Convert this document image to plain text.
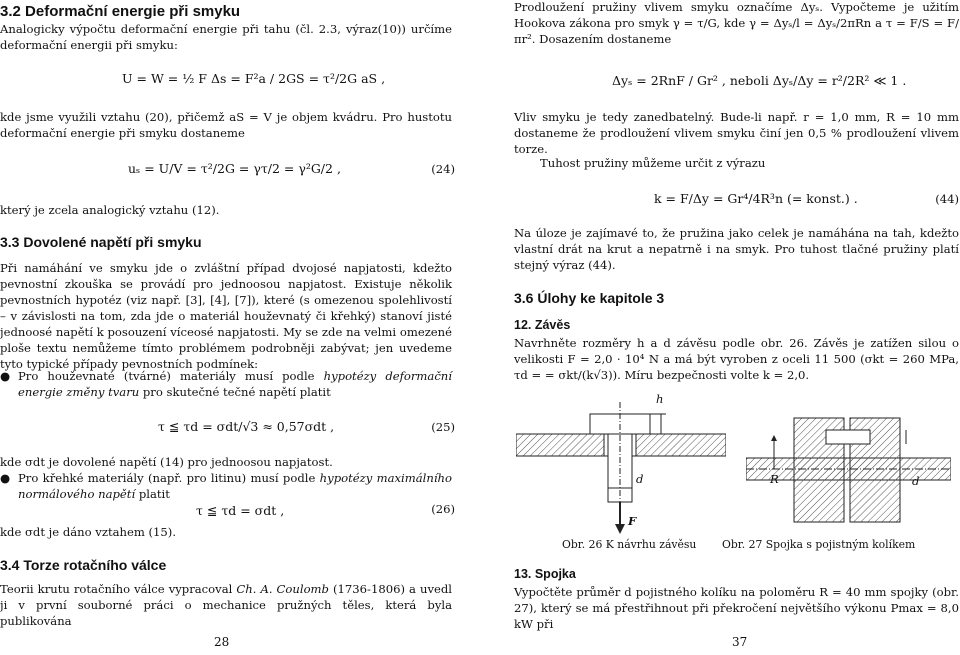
3.2 Deformační energie při smyku

Analogicky výpočtu deformační energie při tahu (čl. 2.3, výraz(10)) určíme deformační energii při smyku:

U = W = ½ F Δs = F²a / 2GS = τ²/2G aS ,

kde jsme využili vztahu (20), přičemž aS = V je objem kvádru. Pro hustotu deformační energie při smyku dostaneme

uₛ = U/V = τ²/2G = γτ/2 = γ²G/2 ,	(24)

který je zcela analogický vztahu (12).

3.3 Dovolené napětí při smyku

Při namáhání ve smyku jde o zvláštní případ dvojosé napjatosti, kdežto pevnostní zkouška se provádí pro jednoosou napjatost. Existuje několik pevnostních hypotéz (viz např. [3], [4], [7]), které (s omezenou spolehlivostí – v závislosti na tom, zda jde o materiál houževnatý či křehký) stanoví jisté jednoosé napětí k posouzení víceosé napjatosti. My se zde na velmi omezené ploše textu nemůžeme tímto problémem podrobněji zabývat; jen uvedeme tyto typické případy pevnostních podmínek:

● Pro houževnaté (tvárné) materiály musí podle hypotézy deformační energie změny tvaru pro skutečné tečné napětí platit

τ ≦ τd = σdt/√3 ≈ 0,57σdt ,	(25)

kde σdt je dovolené napětí (14) pro jednoosou napjatost.

● Pro křehké materiály (např. pro litinu) musí podle hypotézy maximálního normálového napětí platit

τ ≦ τd = σdt ,	(26)

kde σdt je dáno vztahem (15).

3.4 Torze rotačního válce

Teorii krutu rotačního válce vypracoval Ch. A. Coulomb (1736-1806) a uvedl ji v první souborné práci o mechanice pružných těles, která byla publikována

28

Prodloužení pružiny vlivem smyku označíme Δyₛ. Vypočteme je užitím Hookova zákona pro smyk γ = τ/G, kde γ = Δyₛ/l = Δyₛ/2πRn a τ = F/S = F/πr². Dosazením dostaneme

Δyₛ = 2RnF / Gr² , neboli Δyₛ/Δy = r²/2R² ≪ 1 .

Vliv smyku je tedy zanedbatelný. Bude-li např. r = 1,0 mm, R = 10 mm dostaneme že prodloužení vlivem smyku činí jen 0,5 % prodloužení vlivem torze.

Tuhost pružiny můžeme určit z výrazu

k = F/Δy = Gr⁴/4R³n (= konst.) .	(44)

Na úloze je zajímavé to, že pružina jako celek je namáhána na tah, kdežto vlastní drát na krut a nepatrně i na smyk. Pro tuhost tlačné pružiny platí stejný výraz (44).

3.6 Úlohy ke kapitole 3
12. Závěs

Navrhněte rozměry h a d závěsu podle obr. 26. Závěs je zatížen silou o velikosti F = 2,0 · 10⁴ N a má být vyroben z oceli 11 500 (σkt = 260 MPa, τd = = σkt/(k√3)). Míru bezpečnosti volte k = 2,0.

h
d
F
R	d
Obr. 26 K návrhu závěsu Obr. 27 Spojka s pojistným kolíkem
13. Spojka

Vypočtěte průměr d pojistného kolíku na poloměru R = 40 mm spojky (obr. 27), který se má přestřihnout při překročení největšího výkonu Pmax = 8,0 kW při

37
